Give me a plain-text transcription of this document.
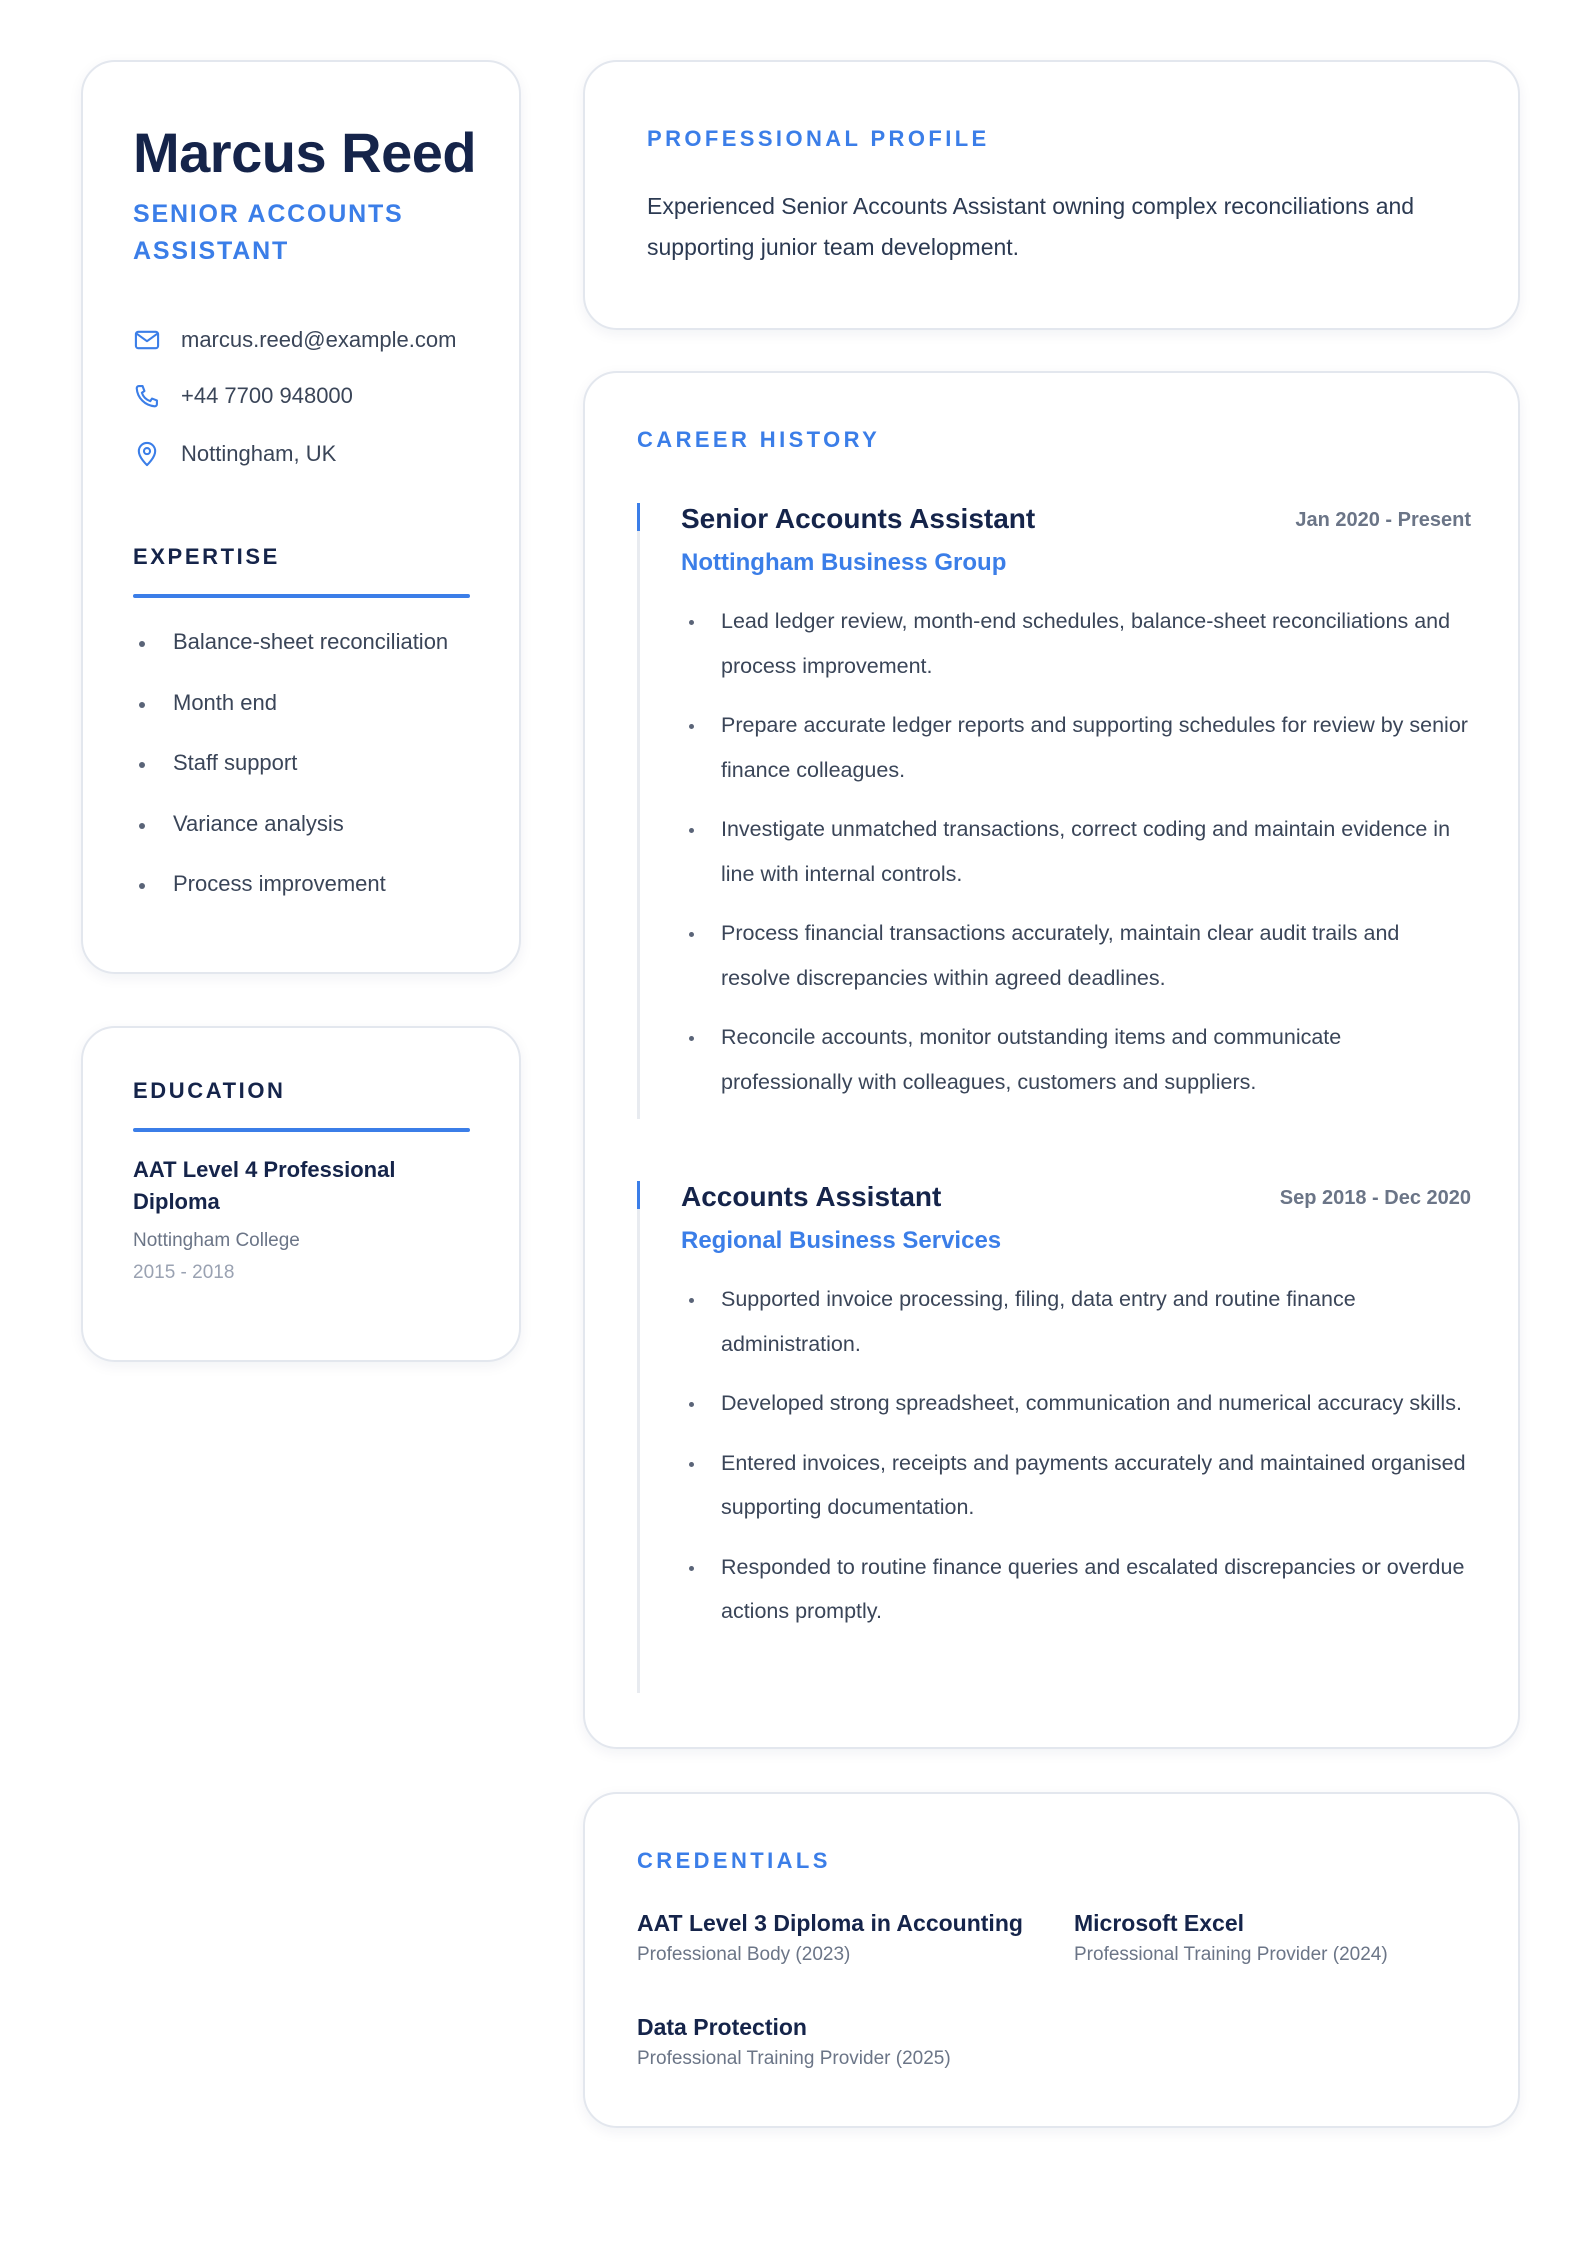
Marcus Reed
SENIOR ACCOUNTS ASSISTANT
marcus.reed@example.com
+44 7700 948000
Nottingham, UK
EXPERTISE
Balance-sheet reconciliation
Month end
Staff support
Variance analysis
Process improvement
EDUCATION
AAT Level 4 Professional Diploma
Nottingham College
2015 - 2018
PROFESSIONAL PROFILE

Experienced Senior Accounts Assistant owning complex reconciliations and supporting junior team development.

CAREER HISTORY
Senior Accounts Assistant	Jan 2020 - Present
Nottingham Business Group
Lead ledger review, month-end schedules, balance-sheet reconciliations and process improvement.
Prepare accurate ledger reports and supporting schedules for review by senior finance colleagues.
Investigate unmatched transactions, correct coding and maintain evidence in line with internal controls.
Process financial transactions accurately, maintain clear audit trails and resolve discrepancies within agreed deadlines.
Reconcile accounts, monitor outstanding items and communicate professionally with colleagues, customers and suppliers.
Accounts Assistant	Sep 2018 - Dec 2020
Regional Business Services
Supported invoice processing, filing, data entry and routine finance administration.
Developed strong spreadsheet, communication and numerical accuracy skills.
Entered invoices, receipts and payments accurately and maintained organised supporting documentation.
Responded to routine finance queries and escalated discrepancies or overdue actions promptly.
CREDENTIALS
AAT Level 3 Diploma in Accounting
Professional Body (2023)
Microsoft Excel
Professional Training Provider (2024)
Data Protection
Professional Training Provider (2025)
